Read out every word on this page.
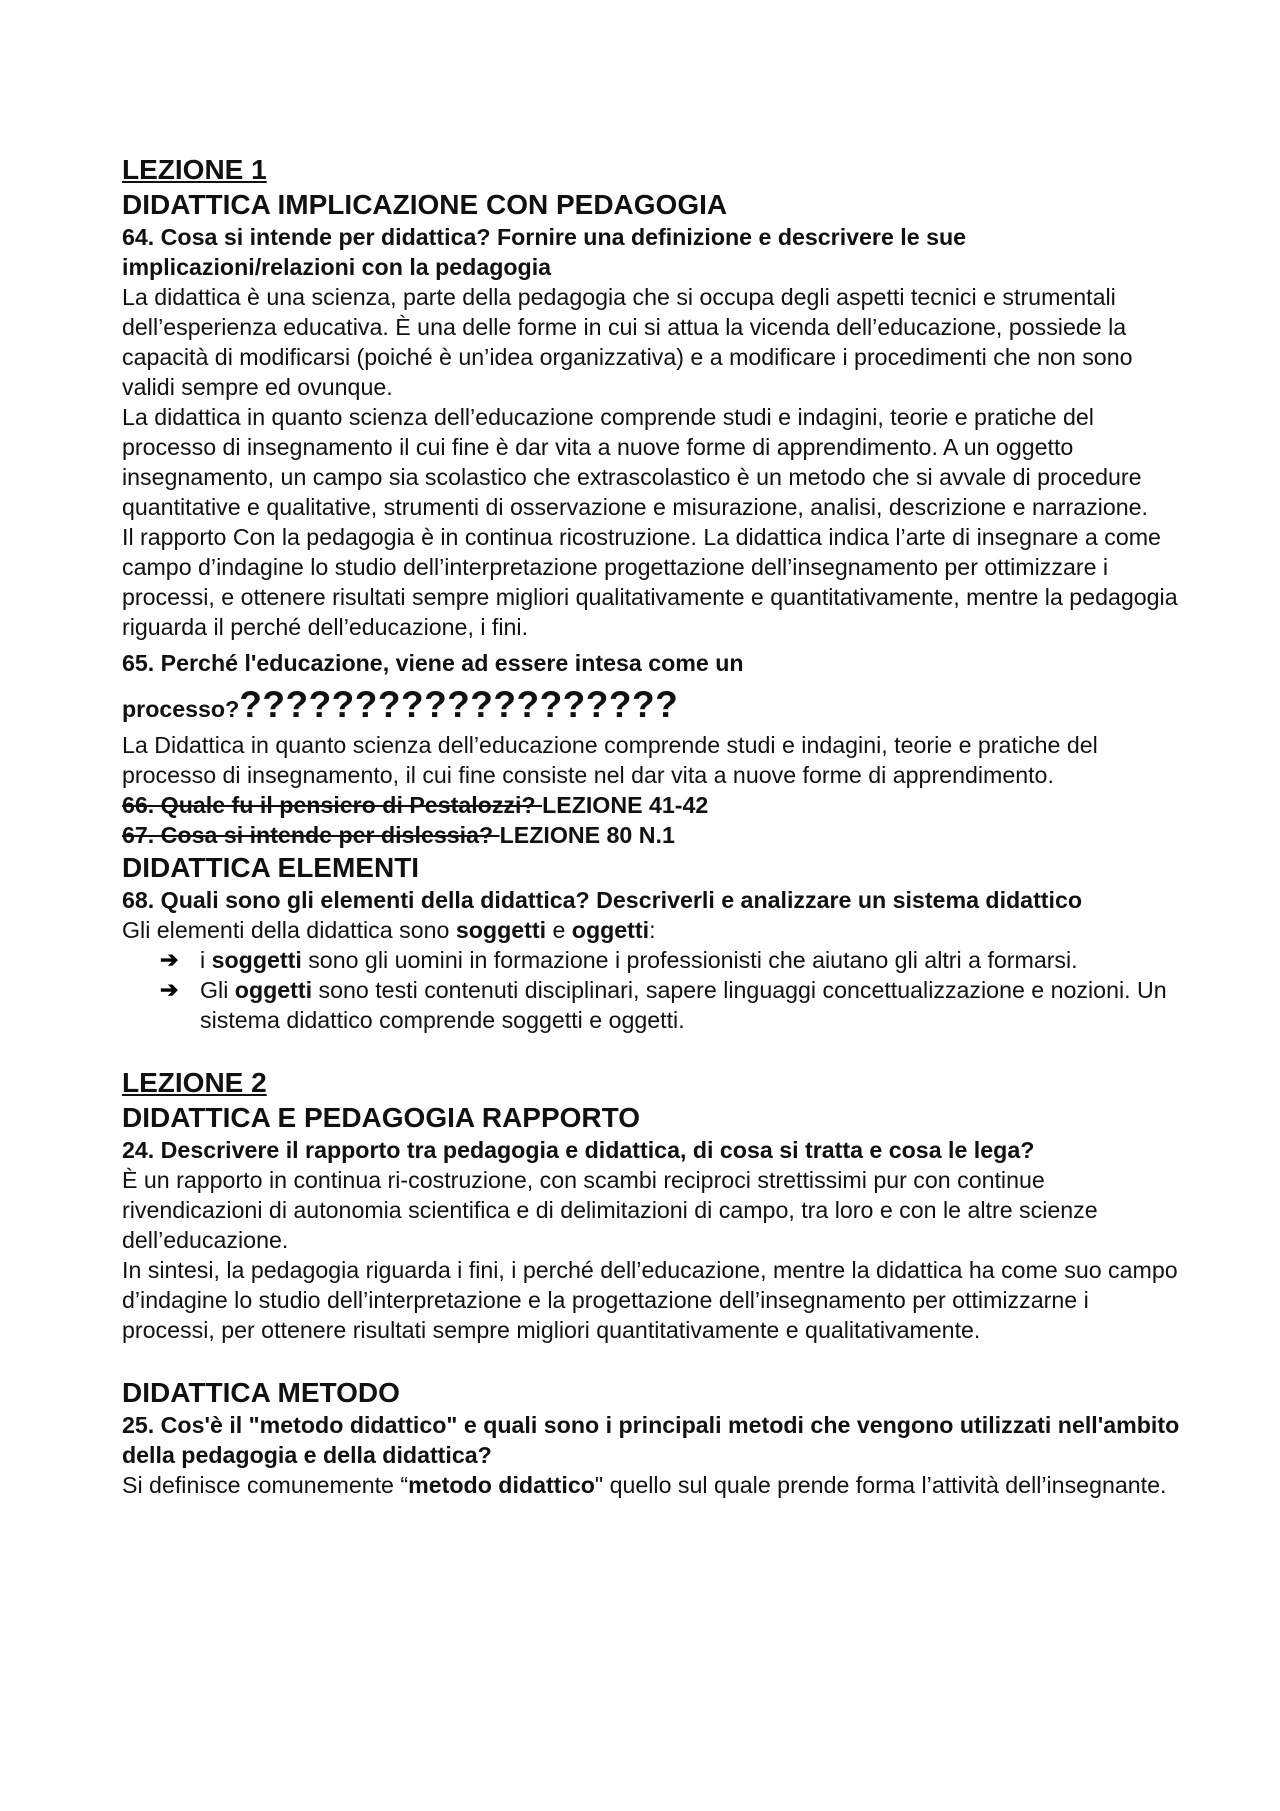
LEZIONE 1
DIDATTICA IMPLICAZIONE CON PEDAGOGIA

64. Cosa si intende per didattica? Fornire una definizione e descrivere le sue implicazioni/relazioni con la pedagogia

La didattica è una scienza, parte della pedagogia che si occupa degli aspetti tecnici e strumentali dell’esperienza educativa. È una delle forme in cui si attua la vicenda dell’educazione, possiede la capacità di modificarsi (poiché è un’idea organizzativa) e a modificare i procedimenti che non sono validi sempre ed ovunque.

La didattica in quanto scienza dell’educazione comprende studi e indagini, teorie e pratiche del processo di insegnamento il cui fine è dar vita a nuove forme di apprendimento. A un oggetto insegnamento, un campo sia scolastico che extrascolastico è un metodo che si avvale di procedure quantitative e qualitative, strumenti di osservazione e misurazione, analisi, descrizione e narrazione.

Il rapporto Con la pedagogia è in continua ricostruzione. La didattica indica l’arte di insegnare a come campo d’indagine lo studio dell’interpretazione progettazione dell’insegnamento per ottimizzare i processi, e ottenere risultati sempre migliori qualitativamente e quantitativamente, mentre la pedagogia riguarda il perché dell’educazione, i fini.

65. Perché l'educazione, viene ad essere intesa come un processo????????????????????

La Didattica in quanto scienza dell’educazione comprende studi e indagini, teorie e pratiche del processo di insegnamento, il cui fine consiste nel dar vita a nuove forme di apprendimento.

66. Quale fu il pensiero di Pestalozzi? LEZIONE 41-42

67. Cosa si intende per dislessia? LEZIONE 80 N.1

DIDATTICA ELEMENTI

68. Quali sono gli elementi della didattica? Descriverli e analizzare un sistema didattico

Gli elementi della didattica sono soggetti e oggetti:

➔ i soggetti sono gli uomini in formazione i professionisti che aiutano gli altri a formarsi.
➔ Gli oggetti sono testi contenuti disciplinari, sapere linguaggi concettualizzazione e nozioni. Un sistema didattico comprende soggetti e oggetti.
LEZIONE 2
DIDATTICA E PEDAGOGIA RAPPORTO

24. Descrivere il rapporto tra pedagogia e didattica, di cosa si tratta e cosa le lega?

È un rapporto in continua ri-costruzione, con scambi reciproci strettissimi pur con continue rivendicazioni di autonomia scientifica e di delimitazioni di campo, tra loro e con le altre scienze dell’educazione.

In sintesi, la pedagogia riguarda i fini, i perché dell’educazione, mentre la didattica ha come suo campo d’indagine lo studio dell’interpretazione e la progettazione dell’insegnamento per ottimizzarne i processi, per ottenere risultati sempre migliori quantitativamente e qualitativamente.

DIDATTICA METODO

25. Cos'è il "metodo didattico" e quali sono i principali metodi che vengono utilizzati nell'ambito della pedagogia e della didattica?

Si definisce comunemente “metodo didattico" quello sul quale prende forma l’attività dell’insegnante.
